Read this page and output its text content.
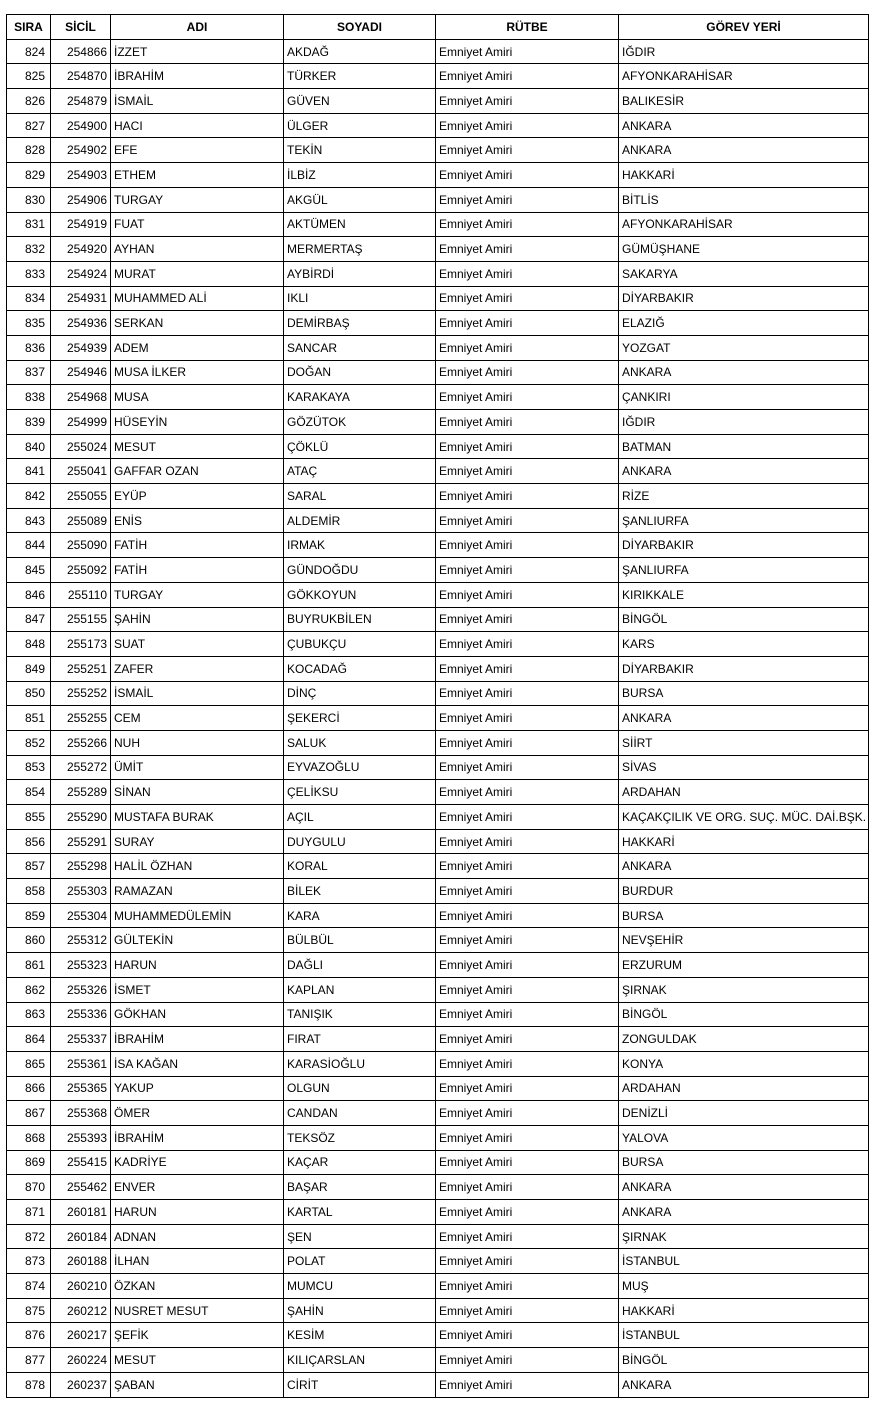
SIRA	SİCİL	ADI	SOYADI	RÜTBE	GÖREV YERİ
824	254866	İZZET	AKDAĞ	Emniyet Amiri	IĞDIR
825	254870	İBRAHİM	TÜRKER	Emniyet Amiri	AFYONKARAHİSAR
826	254879	İSMAİL	GÜVEN	Emniyet Amiri	BALIKESİR
827	254900	HACI	ÜLGER	Emniyet Amiri	ANKARA
828	254902	EFE	TEKİN	Emniyet Amiri	ANKARA
829	254903	ETHEM	İLBİZ	Emniyet Amiri	HAKKARİ
830	254906	TURGAY	AKGÜL	Emniyet Amiri	BİTLİS
831	254919	FUAT	AKTÜMEN	Emniyet Amiri	AFYONKARAHİSAR
832	254920	AYHAN	MERMERTAŞ	Emniyet Amiri	GÜMÜŞHANE
833	254924	MURAT	AYBİRDİ	Emniyet Amiri	SAKARYA
834	254931	MUHAMMED ALİ	IKLI	Emniyet Amiri	DİYARBAKIR
835	254936	SERKAN	DEMİRBAŞ	Emniyet Amiri	ELAZIĞ
836	254939	ADEM	SANCAR	Emniyet Amiri	YOZGAT
837	254946	MUSA İLKER	DOĞAN	Emniyet Amiri	ANKARA
838	254968	MUSA	KARAKAYA	Emniyet Amiri	ÇANKIRI
839	254999	HÜSEYİN	GÖZÜTOK	Emniyet Amiri	IĞDIR
840	255024	MESUT	ÇÖKLÜ	Emniyet Amiri	BATMAN
841	255041	GAFFAR OZAN	ATAÇ	Emniyet Amiri	ANKARA
842	255055	EYÜP	SARAL	Emniyet Amiri	RİZE
843	255089	ENİS	ALDEMİR	Emniyet Amiri	ŞANLIURFA
844	255090	FATİH	IRMAK	Emniyet Amiri	DİYARBAKIR
845	255092	FATİH	GÜNDOĞDU	Emniyet Amiri	ŞANLIURFA
846	255110	TURGAY	GÖKKOYUN	Emniyet Amiri	KIRIKKALE
847	255155	ŞAHİN	BUYRUKBİLEN	Emniyet Amiri	BİNGÖL
848	255173	SUAT	ÇUBUKÇU	Emniyet Amiri	KARS
849	255251	ZAFER	KOCADAĞ	Emniyet Amiri	DİYARBAKIR
850	255252	İSMAİL	DİNÇ	Emniyet Amiri	BURSA
851	255255	CEM	ŞEKERCİ	Emniyet Amiri	ANKARA
852	255266	NUH	SALUK	Emniyet Amiri	SİİRT
853	255272	ÜMİT	EYVAZOĞLU	Emniyet Amiri	SİVAS
854	255289	SİNAN	ÇELİKSU	Emniyet Amiri	ARDAHAN
855	255290	MUSTAFA BURAK	AÇIL	Emniyet Amiri	KAÇAKÇILIK VE ORG. SUÇ. MÜC. DAİ.BŞK.
856	255291	SURAY	DUYGULU	Emniyet Amiri	HAKKARİ
857	255298	HALİL ÖZHAN	KORAL	Emniyet Amiri	ANKARA
858	255303	RAMAZAN	BİLEK	Emniyet Amiri	BURDUR
859	255304	MUHAMMEDÜLEMİN	KARA	Emniyet Amiri	BURSA
860	255312	GÜLTEKİN	BÜLBÜL	Emniyet Amiri	NEVŞEHİR
861	255323	HARUN	DAĞLI	Emniyet Amiri	ERZURUM
862	255326	İSMET	KAPLAN	Emniyet Amiri	ŞIRNAK
863	255336	GÖKHAN	TANIŞIK	Emniyet Amiri	BİNGÖL
864	255337	İBRAHİM	FIRAT	Emniyet Amiri	ZONGULDAK
865	255361	İSA KAĞAN	KARASİOĞLU	Emniyet Amiri	KONYA
866	255365	YAKUP	OLGUN	Emniyet Amiri	ARDAHAN
867	255368	ÖMER	CANDAN	Emniyet Amiri	DENİZLİ
868	255393	İBRAHİM	TEKSÖZ	Emniyet Amiri	YALOVA
869	255415	KADRİYE	KAÇAR	Emniyet Amiri	BURSA
870	255462	ENVER	BAŞAR	Emniyet Amiri	ANKARA
871	260181	HARUN	KARTAL	Emniyet Amiri	ANKARA
872	260184	ADNAN	ŞEN	Emniyet Amiri	ŞIRNAK
873	260188	İLHAN	POLAT	Emniyet Amiri	İSTANBUL
874	260210	ÖZKAN	MUMCU	Emniyet Amiri	MUŞ
875	260212	NUSRET MESUT	ŞAHİN	Emniyet Amiri	HAKKARİ
876	260217	ŞEFİK	KESİM	Emniyet Amiri	İSTANBUL
877	260224	MESUT	KILIÇARSLAN	Emniyet Amiri	BİNGÖL
878	260237	ŞABAN	CİRİT	Emniyet Amiri	ANKARA
